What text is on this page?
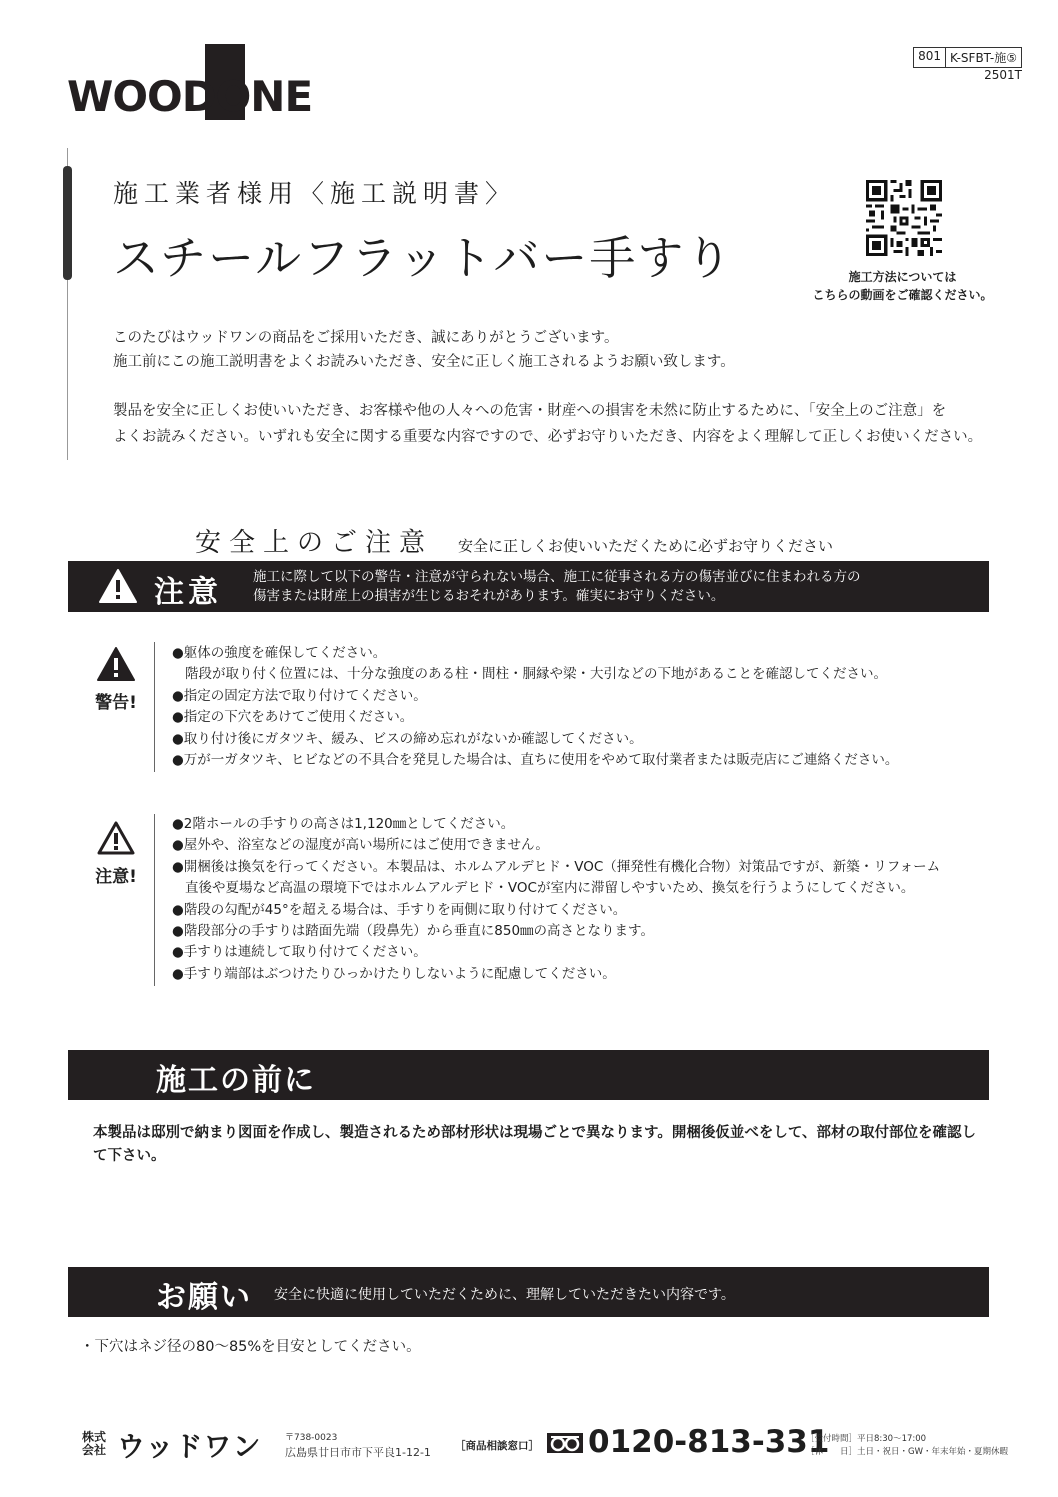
WOODONE
801 K-SFBT-施⑤
2501T
施工業者様用〈施工説明書〉
スチールフラットバー手すり	施工方法については
こちらの動画をご確認ください。
このたびはウッドワンの商品をご採用いただき、誠にありがとうございます。
施工前にこの施工説明書をよくお読みいただき、安全に正しく施工されるようお願い致します。
製品を安全に正しくお使いいただき、お客様や他の人々への危害・財産への損害を未然に防止するために、「安全上のご注意」を
よくお読みください。いずれも安全に関する重要な内容ですので、必ずお守りいただき、内容をよく理解して正しくお使いください。
安全上のご注意 安全に正しくお使いいただくために必ずお守りください
注意 施工に際して以下の警告・注意が守られない場合、施工に従事される方の傷害並びに住まわれる方の
傷害または財産上の損害が生じるおそれがあります。確実にお守りください。
警告!
●躯体の強度を確保してください。
階段が取り付く位置には、十分な強度のある柱・間柱・胴縁や梁・大引などの下地があることを確認してください。
●指定の固定方法で取り付けてください。
●指定の下穴をあけてご使用ください。
●取り付け後にガタツキ、緩み、ビスの締め忘れがないか確認してください。
●万が一ガタツキ、ヒビなどの不具合を発見した場合は、直ちに使用をやめて取付業者または販売店にご連絡ください。
注意!
●2階ホールの手すりの高さは1,120㎜としてください。
●屋外や、浴室などの湿度が高い場所にはご使用できません。
●開梱後は換気を行ってください。本製品は、ホルムアルデヒド・VOC（揮発性有機化合物）対策品ですが、新築・リフォーム
直後や夏場など高温の環境下ではホルムアルデヒド・VOCが室内に滞留しやすいため、換気を行うようにしてください。
●階段の勾配が45°を超える場合は、手すりを両側に取り付けてください。
●階段部分の手すりは踏面先端（段鼻先）から垂直に850㎜の高さとなります。
●手すりは連続して取り付けてください。
●手すり端部はぶつけたりひっかけたりしないように配慮してください。
施工の前に
本製品は邸別で納まり図面を作成し、製造されるため部材形状は現場ごとで異なります。開梱後仮並べをして、部材の取付部位を確認して下さい。
お願い 安全に快適に使用していただくために、理解していただきたい内容です。
・下穴はネジ径の80～85%を目安としてください。
株式
会社 ウッドワン	〒738-0023
広島県廿日市市下平良1-12-1 ［商品相談窓口］ 0120-813-331
［受付時間］平日8:30～17:00
［休　　日］土日・祝日・GW・年末年始・夏期休暇
